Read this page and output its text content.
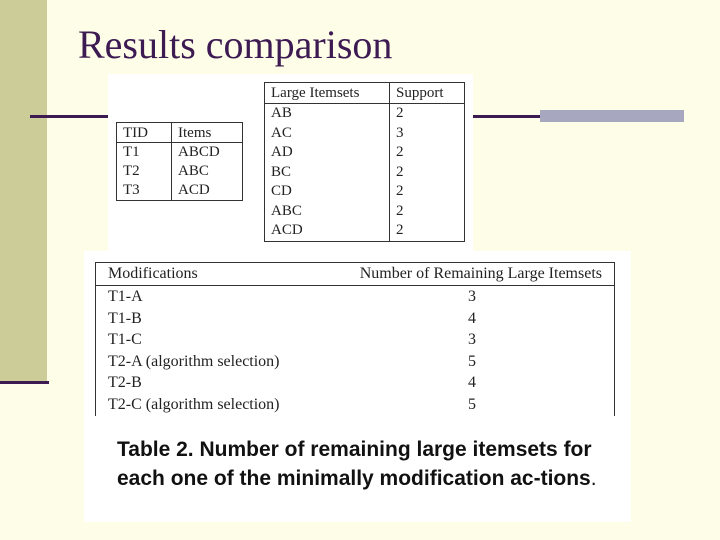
Results comparison
TID	Items
T1	ABCD
T2	ABC
T3	ACD
Large Itemsets	Support
AB	2
AC	3
AD	2
BC	2
CD	2
ABC	2
ACD	2
Modifications	Number of Remaining Large Itemsets
T1-A	3
T1-B	4
T1-C	3
T2-A (algorithm selection)	5
T2-B	4
T2-C (algorithm selection)	5
Table 2. Number of remaining large itemsets for each one of the minimally modification ac-tions.
